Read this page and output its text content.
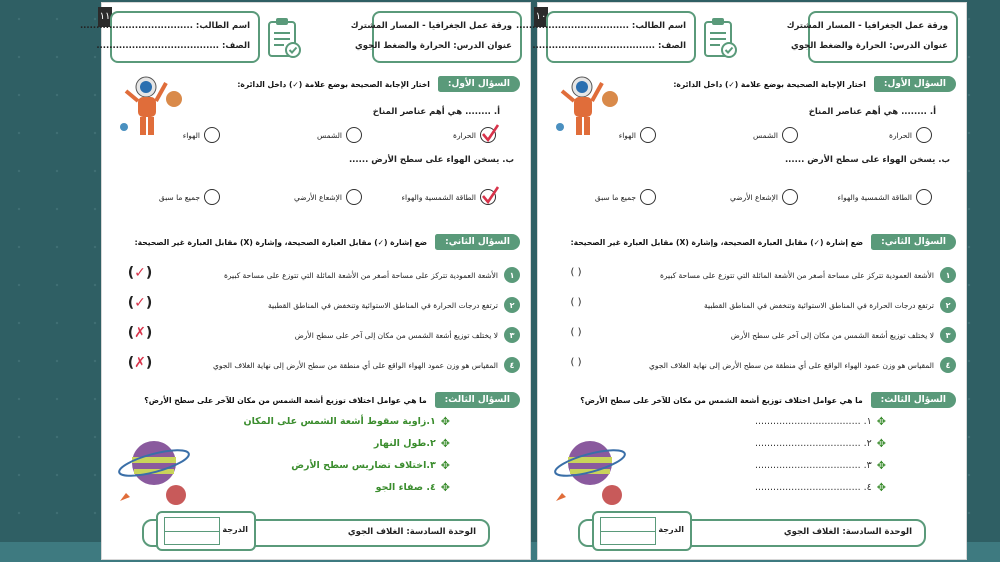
١١
ورقة عمل الجغرافيا - المسار المشترك
عنوان الدرس: الحرارة والضغط الجوي
اسم الطالب: ...................................
الصف: ......................................
السؤال الأول:
اختار الإجابة الصحيحة بوضع علامة (✓) داخل الدائرة:
أ. ........ هي أهم عناصر المناخ
الحرارة
الشمس
الهواء
ب. يسخن الهواء على سطح الأرض ......
الطاقة الشمسية والهواء
الإشعاع الأرضي
جميع ما سبق
السؤال الثاني:
ضع إشارة (✓) مقابل العبارة الصحيحة، وإشارة (X) مقابل العبارة غير الصحيحة:
١
الأشعة العمودية تتركز على مساحة أصغر من الأشعة المائلة التي تتوزع على مساحة كبيرة
(✓)
٢
ترتفع درجات الحرارة في المناطق الاستوائية وتنخفض في المناطق القطبية
(✓)
٣
لا يختلف توزيع أشعة الشمس من مكان إلى آخر على سطح الأرض
(✗)
٤
المقياس هو وزن عمود الهواء الواقع على أي منطقة من سطح الأرض إلى نهاية الغلاف الجوي
(✗)
السؤال الثالث:
ما هي عوامل اختلاف توزيع أشعة الشمس من مكان للآخر على سطح الأرض؟
✥
١.زاوية سقوط أشعة الشمس على المكان
✥
٢.طول النهار
✥
٣.اختلاف تضاريس سطح الأرض
✥
٤. صفاء الجو
الوحدة السادسة: الغلاف الجوي
الدرجة
١٠
ورقة عمل الجغرافيا - المسار المشترك
عنوان الدرس: الحرارة والضغط الجوي
اسم الطالب: ...................................
الصف: ......................................
السؤال الأول:
اختار الإجابة الصحيحة بوضع علامة (✓) داخل الدائرة:
أ. ........ هي أهم عناصر المناخ
الحرارة
الشمس
الهواء
ب. يسخن الهواء على سطح الأرض ......
الطاقة الشمسية والهواء
الإشعاع الأرضي
جميع ما سبق
السؤال الثاني:
ضع إشارة (✓) مقابل العبارة الصحيحة، وإشارة (X) مقابل العبارة غير الصحيحة:
١
الأشعة العمودية تتركز على مساحة أصغر من الأشعة المائلة التي تتوزع على مساحة كبيرة
( )
٢
ترتفع درجات الحرارة في المناطق الاستوائية وتنخفض في المناطق القطبية
( )
٣
لا يختلف توزيع أشعة الشمس من مكان إلى آخر على سطح الأرض
( )
٤
المقياس هو وزن عمود الهواء الواقع على أي منطقة من سطح الأرض إلى نهاية الغلاف الجوي
( )
السؤال الثالث:
ما هي عوامل اختلاف توزيع أشعة الشمس من مكان للآخر على سطح الأرض؟
✥
١. ...................................
✥
٢. ...................................
✥
٣. ...................................
✥
٤. ...................................
الوحدة السادسة: الغلاف الجوي
الدرجة
